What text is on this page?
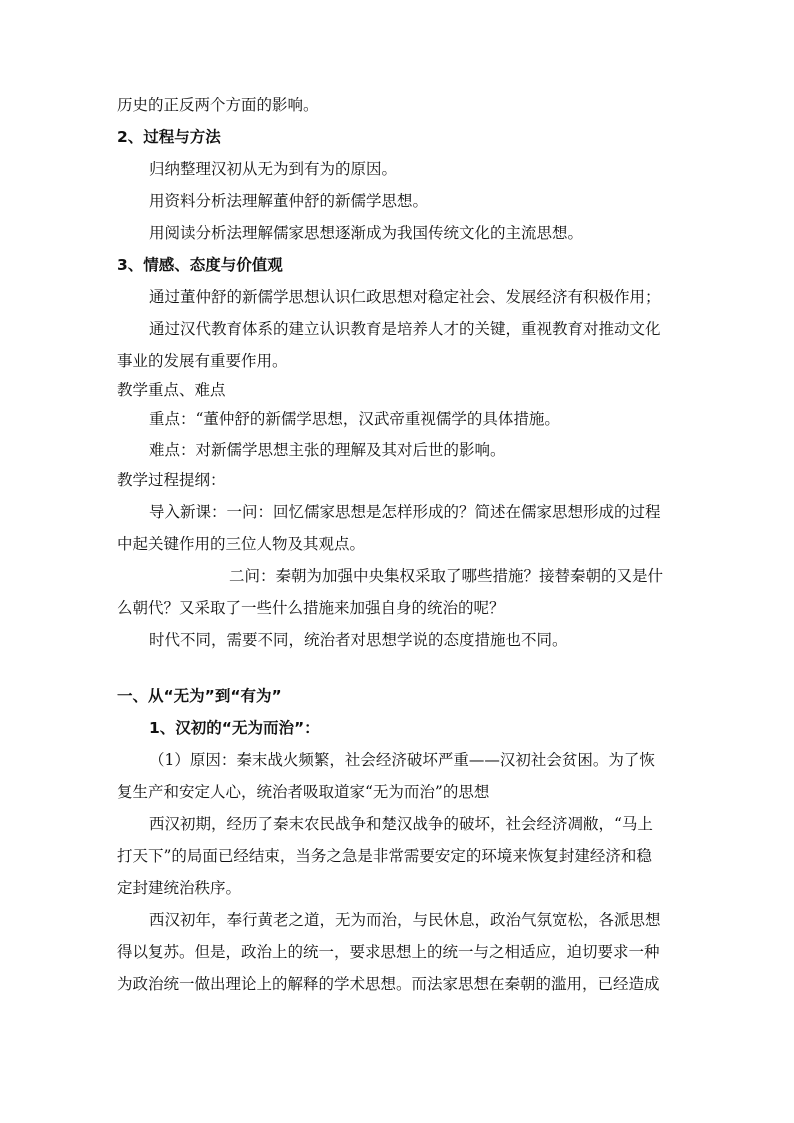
历史的正反两个方面的影响。
2、过程与方法
归纳整理汉初从无为到有为的原因。
用资料分析法理解董仲舒的新儒学思想。
用阅读分析法理解儒家思想逐渐成为我国传统文化的主流思想。
3、情感、态度与价值观
通过董仲舒的新儒学思想认识仁政思想对稳定社会、发展经济有积极作用；
通过汉代教育体系的建立认识教育是培养人才的关键，重视教育对推动文化
事业的发展有重要作用。
教学重点、难点
重点：“董仲舒的新儒学思想，汉武帝重视儒学的具体措施。
难点：对新儒学思想主张的理解及其对后世的影响。
教学过程提纲：
导入新课：一问：回忆儒家思想是怎样形成的？简述在儒家思想形成的过程
中起关键作用的三位人物及其观点。
二问：秦朝为加强中央集权采取了哪些措施？接替秦朝的又是什
么朝代？又采取了一些什么措施来加强自身的统治的呢？
时代不同，需要不同，统治者对思想学说的态度措施也不同。
一、从“无为”到“有为”
1、汉初的“无为而治”：
（1）原因：秦末战火频繁，社会经济破坏严重——汉初社会贫困。为了恢
复生产和安定人心，统治者吸取道家“无为而治”的思想
西汉初期，经历了秦末农民战争和楚汉战争的破坏，社会经济凋敝，“马上
打天下”的局面已经结束，当务之急是非常需要安定的环境来恢复封建经济和稳
定封建统治秩序。
西汉初年，奉行黄老之道，无为而治，与民休息，政治气氛宽松，各派思想
得以复苏。但是，政治上的统一，要求思想上的统一与之相适应，迫切要求一种
为政治统一做出理论上的解释的学术思想。而法家思想在秦朝的滥用，已经造成
